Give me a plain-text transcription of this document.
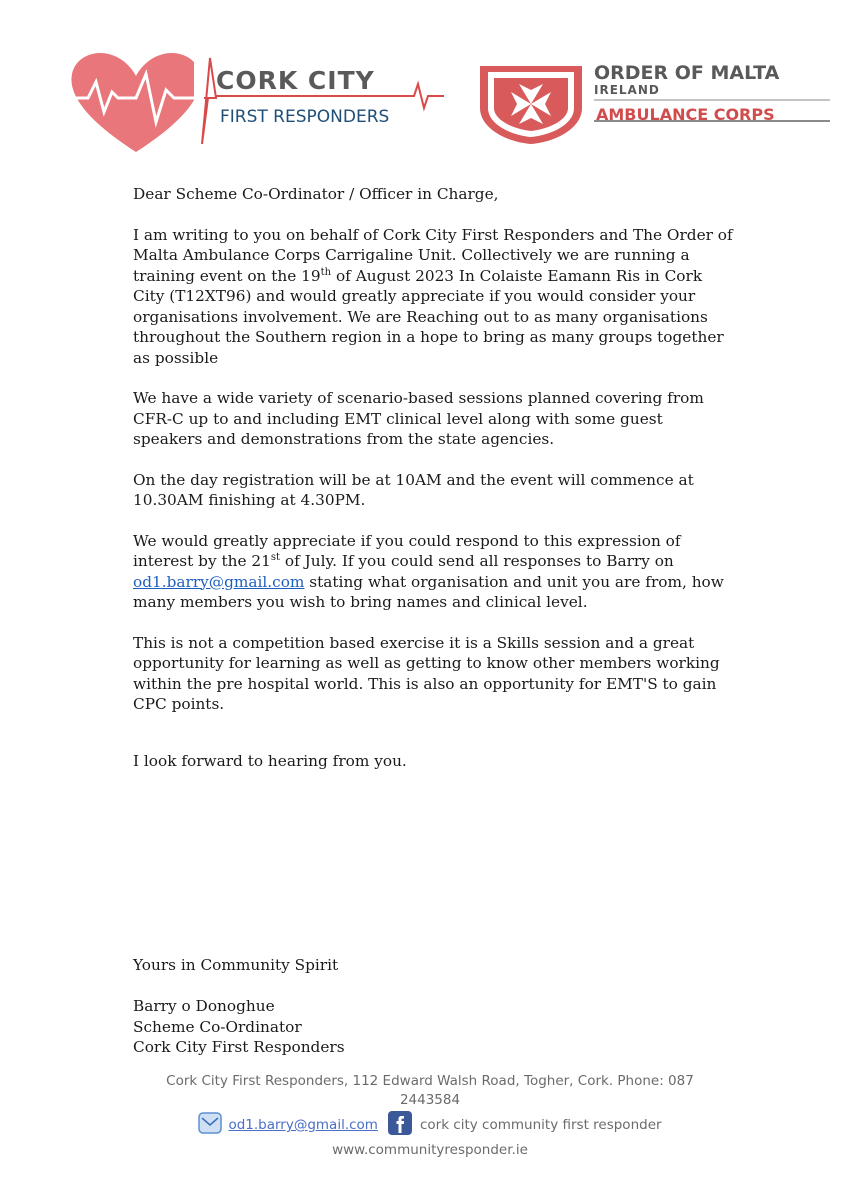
CORK CITY
FIRST RESPONDERS
ORDER OF MALTA
IRELAND
AMBULANCE CORPS

Dear Scheme Co-Ordinator / Officer in Charge,

I am writing to you on behalf of Cork City First Responders and The Order of Malta Ambulance Corps Carrigaline Unit. Collectively we are running a training event on the 19th of August 2023 In Colaiste Eamann Ris in Cork City (T12XT96) and would greatly appreciate if you would consider your organisations involvement. We are Reaching out to as many organisations throughout the Southern region in a hope to bring as many groups together as possible

We have a wide variety of scenario-based sessions planned covering from CFR-C up to and including EMT clinical level along with some guest speakers and demonstrations from the state agencies.

On the day registration will be at 10AM and the event will commence at 10.30AM finishing at 4.30PM.

We would greatly appreciate if you could respond to this expression of interest by the 21st of July. If you could send all responses to Barry on od1.barry@gmail.com stating what organisation and unit you are from, how many members you wish to bring names and clinical level.

This is not a competition based exercise it is a Skills session and a great opportunity for learning as well as getting to know other members working within the pre hospital world. This is also an opportunity for EMT'S to gain CPC points.

I look forward to hearing from you.
Yours in Community Spirit
Barry o Donoghue
Scheme Co-Ordinator
Cork City First Responders
Cork City First Responders, 112 Edward Walsh Road, Togher, Cork. Phone: 087 2443584
od1.barry@gmail.com	cork city community first responder
www.communityresponder.ie
